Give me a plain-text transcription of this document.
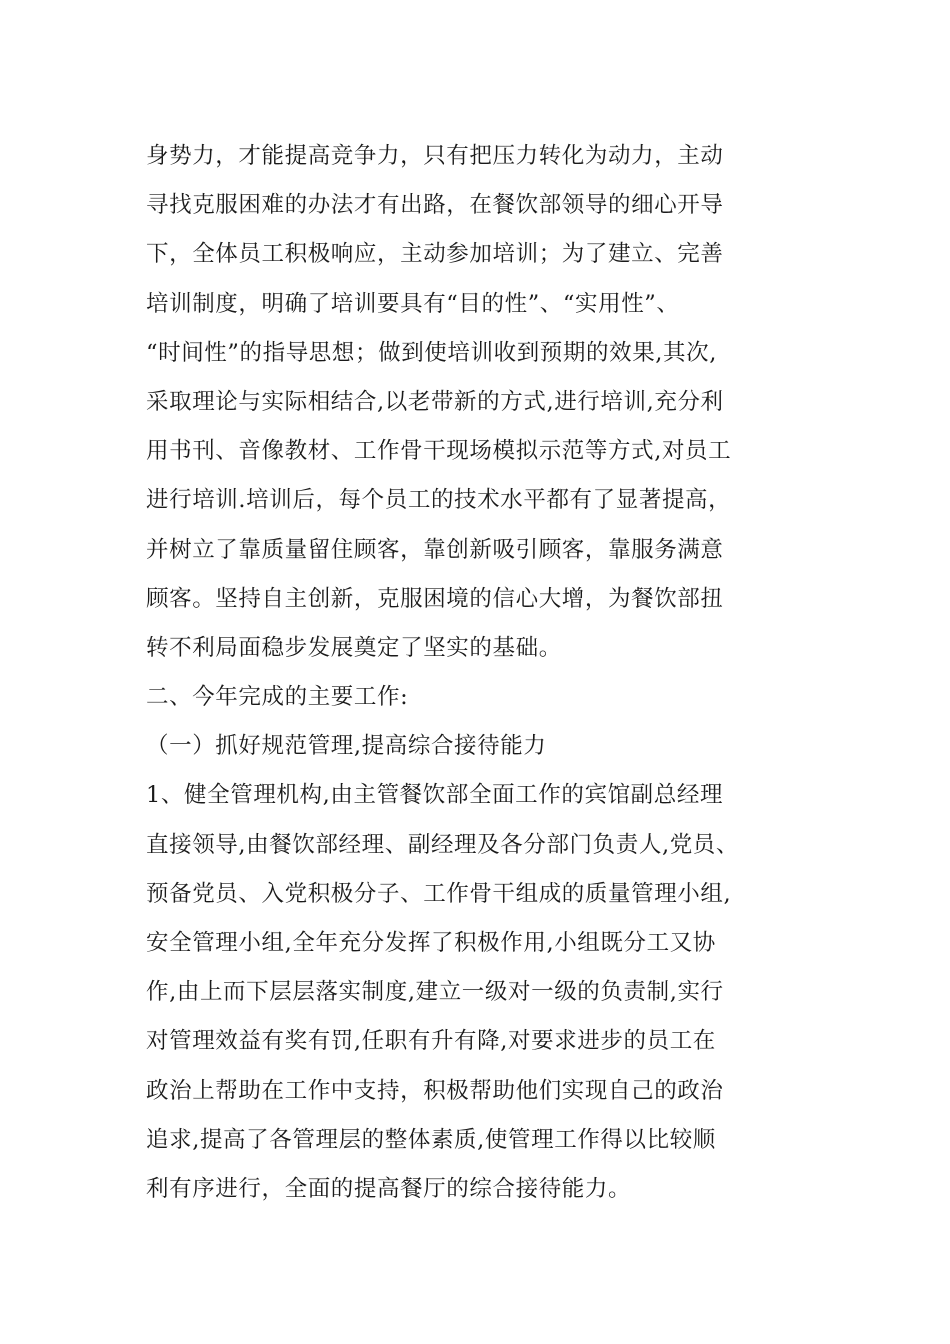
身势力，才能提高竞争力，只有把压力转化为动力，主动
寻找克服困难的办法才有出路，在餐饮部领导的细心开导
下，全体员工积极响应，主动参加培训；为了建立、完善
培训制度，明确了培训要具有“目的性”、“实用性”、
“时间性”的指导思想；做到使培训收到预期的效果,其次,
采取理论与实际相结合,以老带新的方式,进行培训,充分利
用书刊、音像教材、工作骨干现场模拟示范等方式,对员工
进行培训.培训后，每个员工的技术水平都有了显著提高，
并树立了靠质量留住顾客，靠创新吸引顾客，靠服务满意
顾客。坚持自主创新，克服困境的信心大增，为餐饮部扭
转不利局面稳步发展奠定了坚实的基础。
二、今年完成的主要工作:
（一）抓好规范管理,提高综合接待能力
1、健全管理机构,由主管餐饮部全面工作的宾馆副总经理
直接领导,由餐饮部经理、副经理及各分部门负责人,党员、
预备党员、入党积极分子、工作骨干组成的质量管理小组,
安全管理小组,全年充分发挥了积极作用,小组既分工又协
作,由上而下层层落实制度,建立一级对一级的负责制,实行
对管理效益有奖有罚,任职有升有降,对要求进步的员工在
政治上帮助在工作中支持，积极帮助他们实现自己的政治
追求,提高了各管理层的整体素质,使管理工作得以比较顺
利有序进行，全面的提高餐厅的综合接待能力。
